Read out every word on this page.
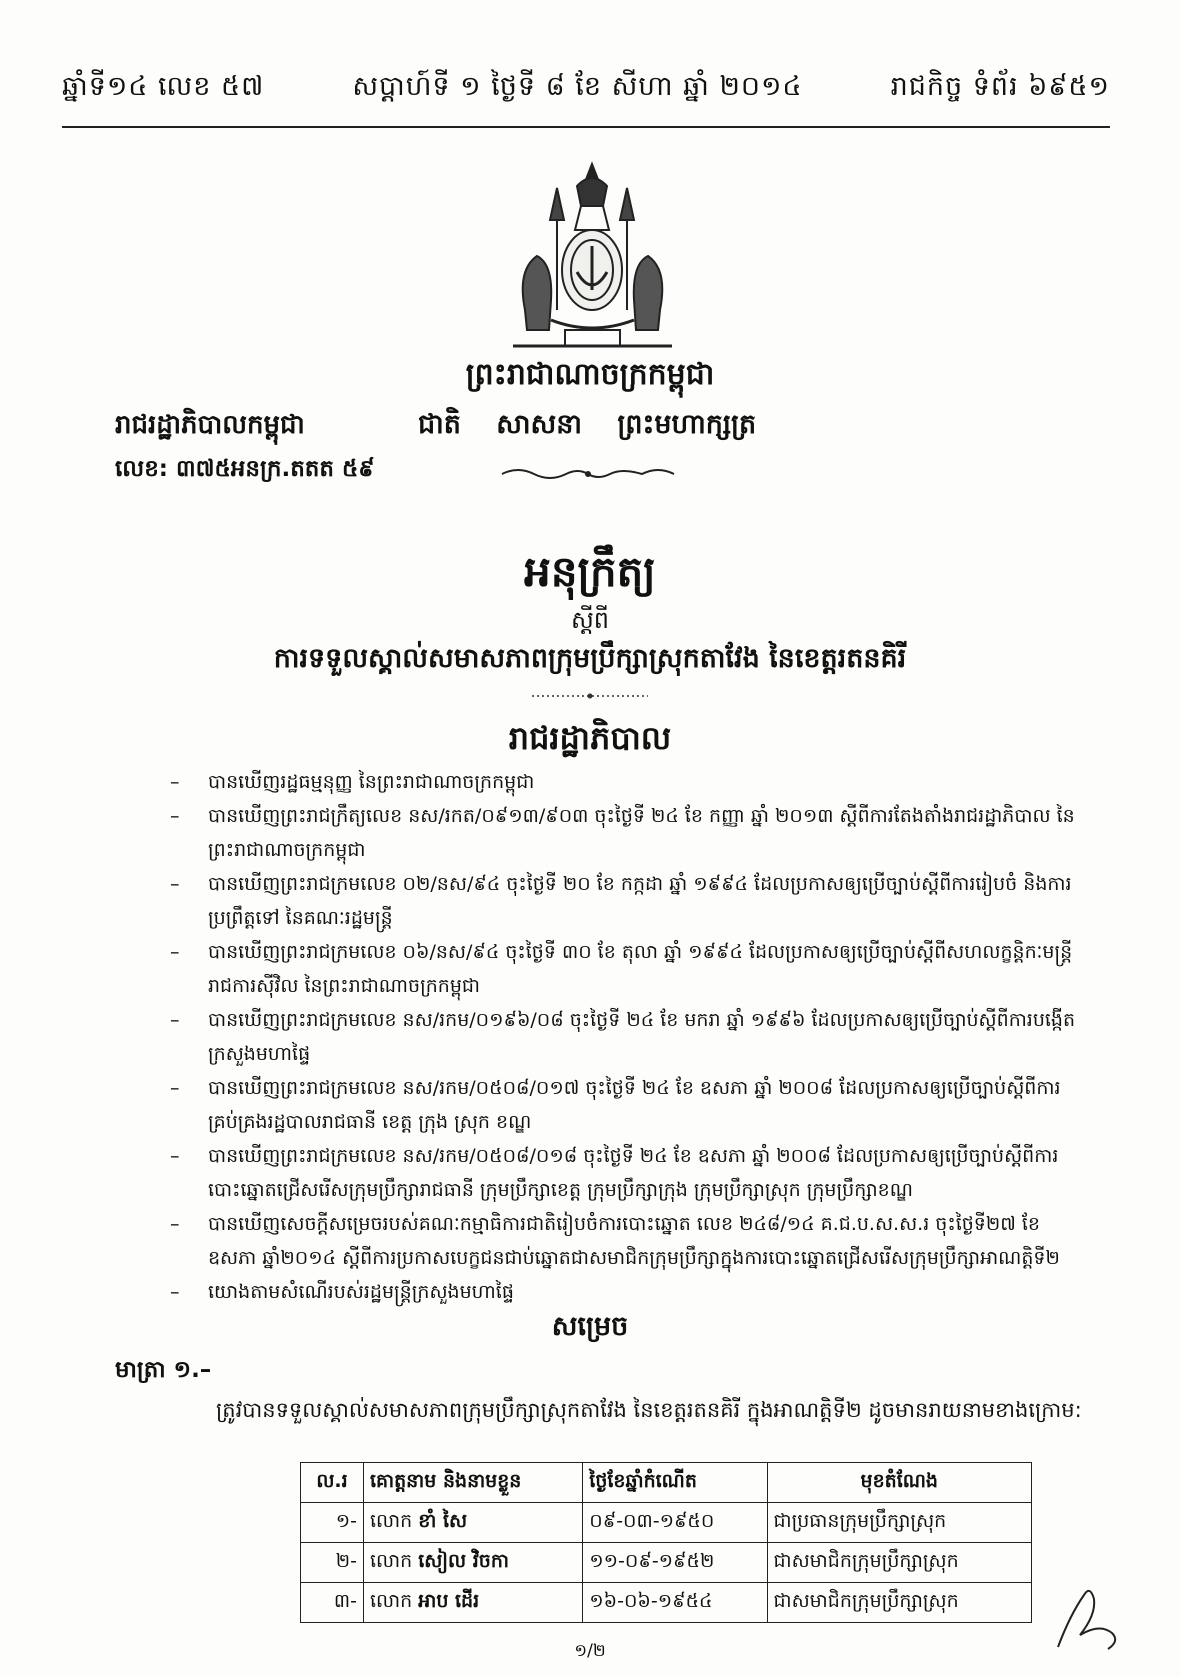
ឆ្នាំទី១៤ លេខ ៥៧	សប្តាហ៍ទី ១ ថ្ងៃទី ៨ ខែ សីហា ឆ្នាំ ២០១៤	រាជកិច្ច ទំព័រ ៦៩៥១
ព្រះរាជាណាចក្រកម្ពុជា
រាជរដ្ឋាភិបាលកម្ពុជា	ជាតិ សាសនា ព្រះមហាក្សត្រ
លេខ: ៣៧៥អនក្រ.តតត ៥៩
អនុក្រឹត្យ
ស្តីពី
ការទទួលស្គាល់សមាសភាពក្រុមប្រឹក្សាស្រុកតាវែង នៃខេត្តរតនគិរី
រាជរដ្ឋាភិបាល
– បានឃើញរដ្ឋធម្មនុញ្ញ នៃព្រះរាជាណាចក្រកម្ពុជា
– បានឃើញព្រះរាជក្រឹត្យលេខ នស/រកត/០៩១៣/៩០៣ ចុះថ្ងៃទី ២៤ ខែ កញ្ញា ឆ្នាំ ២០១៣ ស្តីពីការតែងតាំងរាជរដ្ឋាភិបាល នៃព្រះរាជាណាចក្រកម្ពុជា
– បានឃើញព្រះរាជក្រមលេខ ០២/នស/៩៤ ចុះថ្ងៃទី ២០ ខែ កក្កដា ឆ្នាំ ១៩៩៤ ដែលប្រកាសឲ្យប្រើច្បាប់ស្តីពីការរៀបចំ និងការប្រព្រឹត្តទៅ នៃគណៈរដ្ឋមន្ត្រី
– បានឃើញព្រះរាជក្រមលេខ ០៦/នស/៩៤ ចុះថ្ងៃទី ៣០ ខែ តុលា ឆ្នាំ ១៩៩៤ ដែលប្រកាសឲ្យប្រើច្បាប់ស្តីពីសហលក្ខន្តិកៈមន្ត្រីរាជការស៊ីវិល នៃព្រះរាជាណាចក្រកម្ពុជា
– បានឃើញព្រះរាជក្រមលេខ នស/រកម/០១៩៦/០៨ ចុះថ្ងៃទី ២៤ ខែ មករា ឆ្នាំ ១៩៩៦ ដែលប្រកាសឲ្យប្រើច្បាប់ស្តីពីការបង្កើតក្រសួងមហាផ្ទៃ
– បានឃើញព្រះរាជក្រមលេខ នស/រកម/០៥០៨/០១៧ ចុះថ្ងៃទី ២៤ ខែ ឧសភា ឆ្នាំ ២០០៨ ដែលប្រកាសឲ្យប្រើច្បាប់ស្តីពីការគ្រប់គ្រងរដ្ឋបាលរាជធានី ខេត្ត ក្រុង ស្រុក ខណ្ឌ
– បានឃើញព្រះរាជក្រមលេខ នស/រកម/០៥០៨/០១៨ ចុះថ្ងៃទី ២៤ ខែ ឧសភា ឆ្នាំ ២០០៨ ដែលប្រកាសឲ្យប្រើច្បាប់ស្តីពីការបោះឆ្នោតជ្រើសរើសក្រុមប្រឹក្សារាជធានី ក្រុមប្រឹក្សាខេត្ត ក្រុមប្រឹក្សាក្រុង ក្រុមប្រឹក្សាស្រុក ក្រុមប្រឹក្សាខណ្ឌ
– បានឃើញសេចក្តីសម្រេចរបស់គណៈកម្មាធិការជាតិរៀបចំការបោះឆ្នោត លេខ ២៤៨/១៤ គ.ជ.ប.ស.ស.រ ចុះថ្ងៃទី២៧ ខែឧសភា ឆ្នាំ២០១៤ ស្តីពីការប្រកាសបេក្ខជនជាប់ឆ្នោតជាសមាជិកក្រុមប្រឹក្សាក្នុងការបោះឆ្នោតជ្រើសរើសក្រុមប្រឹក្សាអាណត្តិទី២
– យោងតាមសំណើរបស់រដ្ឋមន្ត្រីក្រសួងមហាផ្ទៃ
សម្រេច
មាត្រា ១.–
ត្រូវបានទទួលស្គាល់សមាសភាពក្រុមប្រឹក្សាស្រុកតាវែង នៃខេត្តរតនគិរី ក្នុងអាណត្តិទី២ ដូចមានរាយនាមខាងក្រោម:
ល.រ	គោត្តនាម និងនាមខ្លួន	ថ្ងៃខែឆ្នាំកំណើត	មុខតំណែង
១-	លោក ខាំ សៃ	០៩-០៣-១៩៥០	ជាប្រធានក្រុមប្រឹក្សាស្រុក
២-	លោក សៀល វិចកា	១១-០៩-១៩៥២	ជាសមាជិកក្រុមប្រឹក្សាស្រុក
៣-	លោក អាប ដើរ	១៦-០៦-១៩៥៤	ជាសមាជិកក្រុមប្រឹក្សាស្រុក
១/២
